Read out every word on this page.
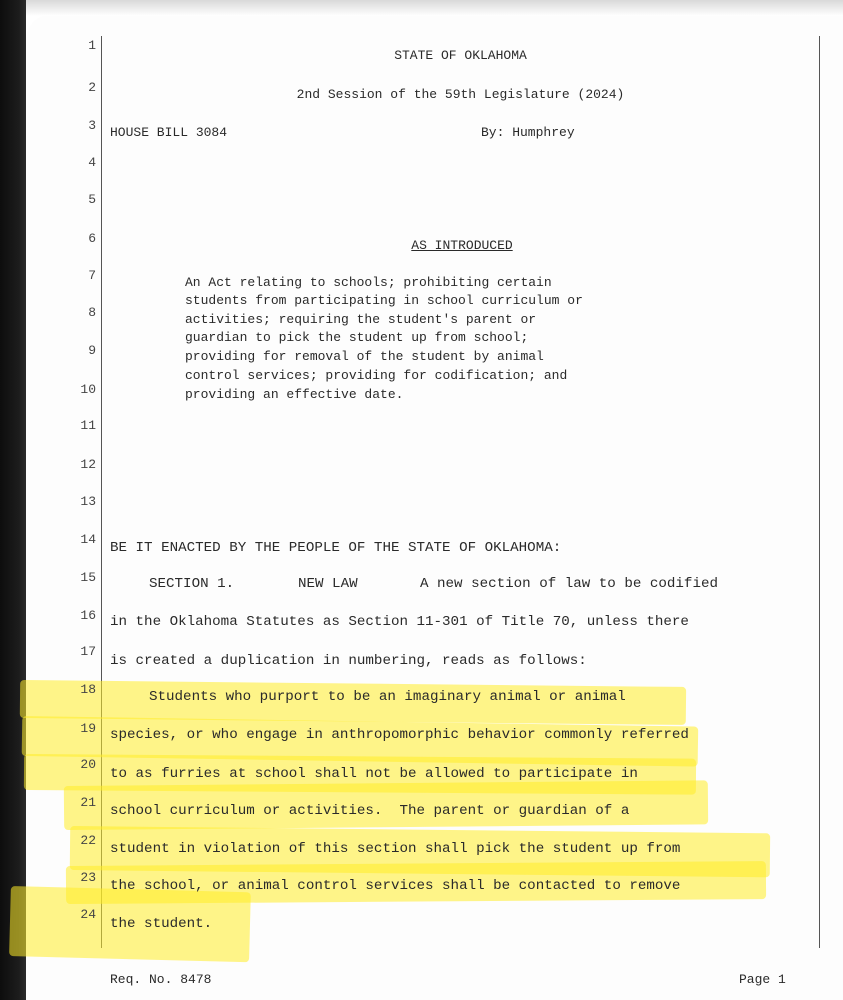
1
2
3
4
5
6
7
8
9
10
11
12
13
14
15
16
17
18
19
20
21
22
23
24
STATE OF OKLAHOMA
2nd Session of the 59th Legislature (2024)
HOUSE BILL 3084	By: Humphrey
AS INTRODUCED
An Act relating to schools; prohibiting certain
students from participating in school curriculum or
activities; requiring the student's parent or
guardian to pick the student up from school;
providing for removal of the student by animal
control services; providing for codification; and
providing an effective date.
BE IT ENACTED BY THE PEOPLE OF THE STATE OF OKLAHOMA:
SECTION 1.	NEW LAW	A new section of law to be codified
in the Oklahoma Statutes as Section 11-301 of Title 70, unless there
is created a duplication in numbering, reads as follows:
Students who purport to be an imaginary animal or animal
species, or who engage in anthropomorphic behavior commonly referred
to as furries at school shall not be allowed to participate in
school curriculum or activities.  The parent or guardian of a
student in violation of this section shall pick the student up from
the school, or animal control services shall be contacted to remove
the student.
Req. No. 8478	Page 1
